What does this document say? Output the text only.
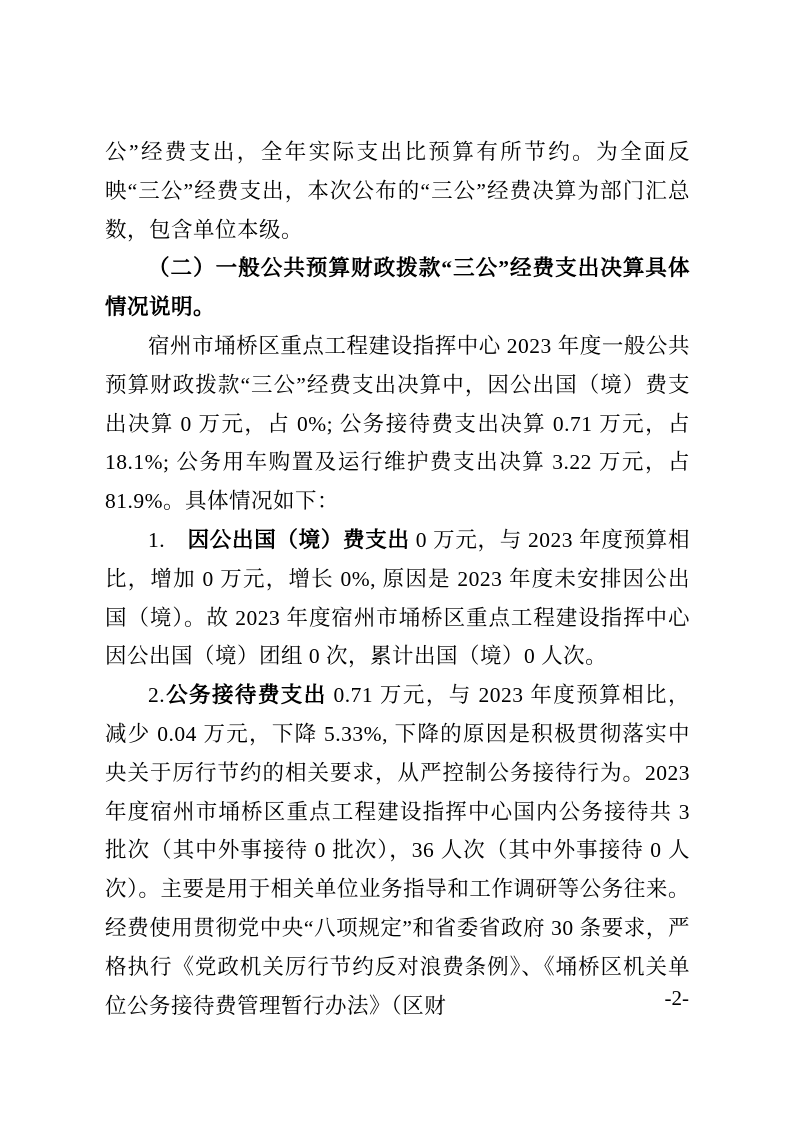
公”经费支出，全年实际支出比预算有所节约。为全面反映“三公”经费支出，本次公布的“三公”经费决算为部门汇总数，包含单位本级。

（二）一般公共预算财政拨款“三公”经费支出决算具体情况说明。

宿州市埇桥区重点工程建设指挥中心 2023 年度一般公共预算财政拨款“三公”经费支出决算中，因公出国（境）费支出决算 0 万元，占 0%; 公务接待费支出决算 0.71 万元，占 18.1%; 公务用车购置及运行维护费支出决算 3.22 万元，占 81.9%。具体情况如下：

1.　因公出国（境）费支出 0 万元，与 2023 年度预算相比，增加 0 万元，增长 0%, 原因是 2023 年度未安排因公出国（境）。故 2023 年度宿州市埇桥区重点工程建设指挥中心因公出国（境）团组 0 次，累计出国（境）0 人次。

2.公务接待费支出 0.71 万元，与 2023 年度预算相比，减少 0.04 万元，下降 5.33%, 下降的原因是积极贯彻落实中央关于厉行节约的相关要求，从严控制公务接待行为。2023 年度宿州市埇桥区重点工程建设指挥中心国内公务接待共 3 批次（其中外事接待 0 批次），36 人次（其中外事接待 0 人次）。主要是用于相关单位业务指导和工作调研等公务往来。经费使用贯彻党中央“八项规定”和省委省政府 30 条要求，严格执行《党政机关厉行节约反对浪费条例》、《埇桥区机关单位公务接待费管理暂行办法》（区财	-2-
